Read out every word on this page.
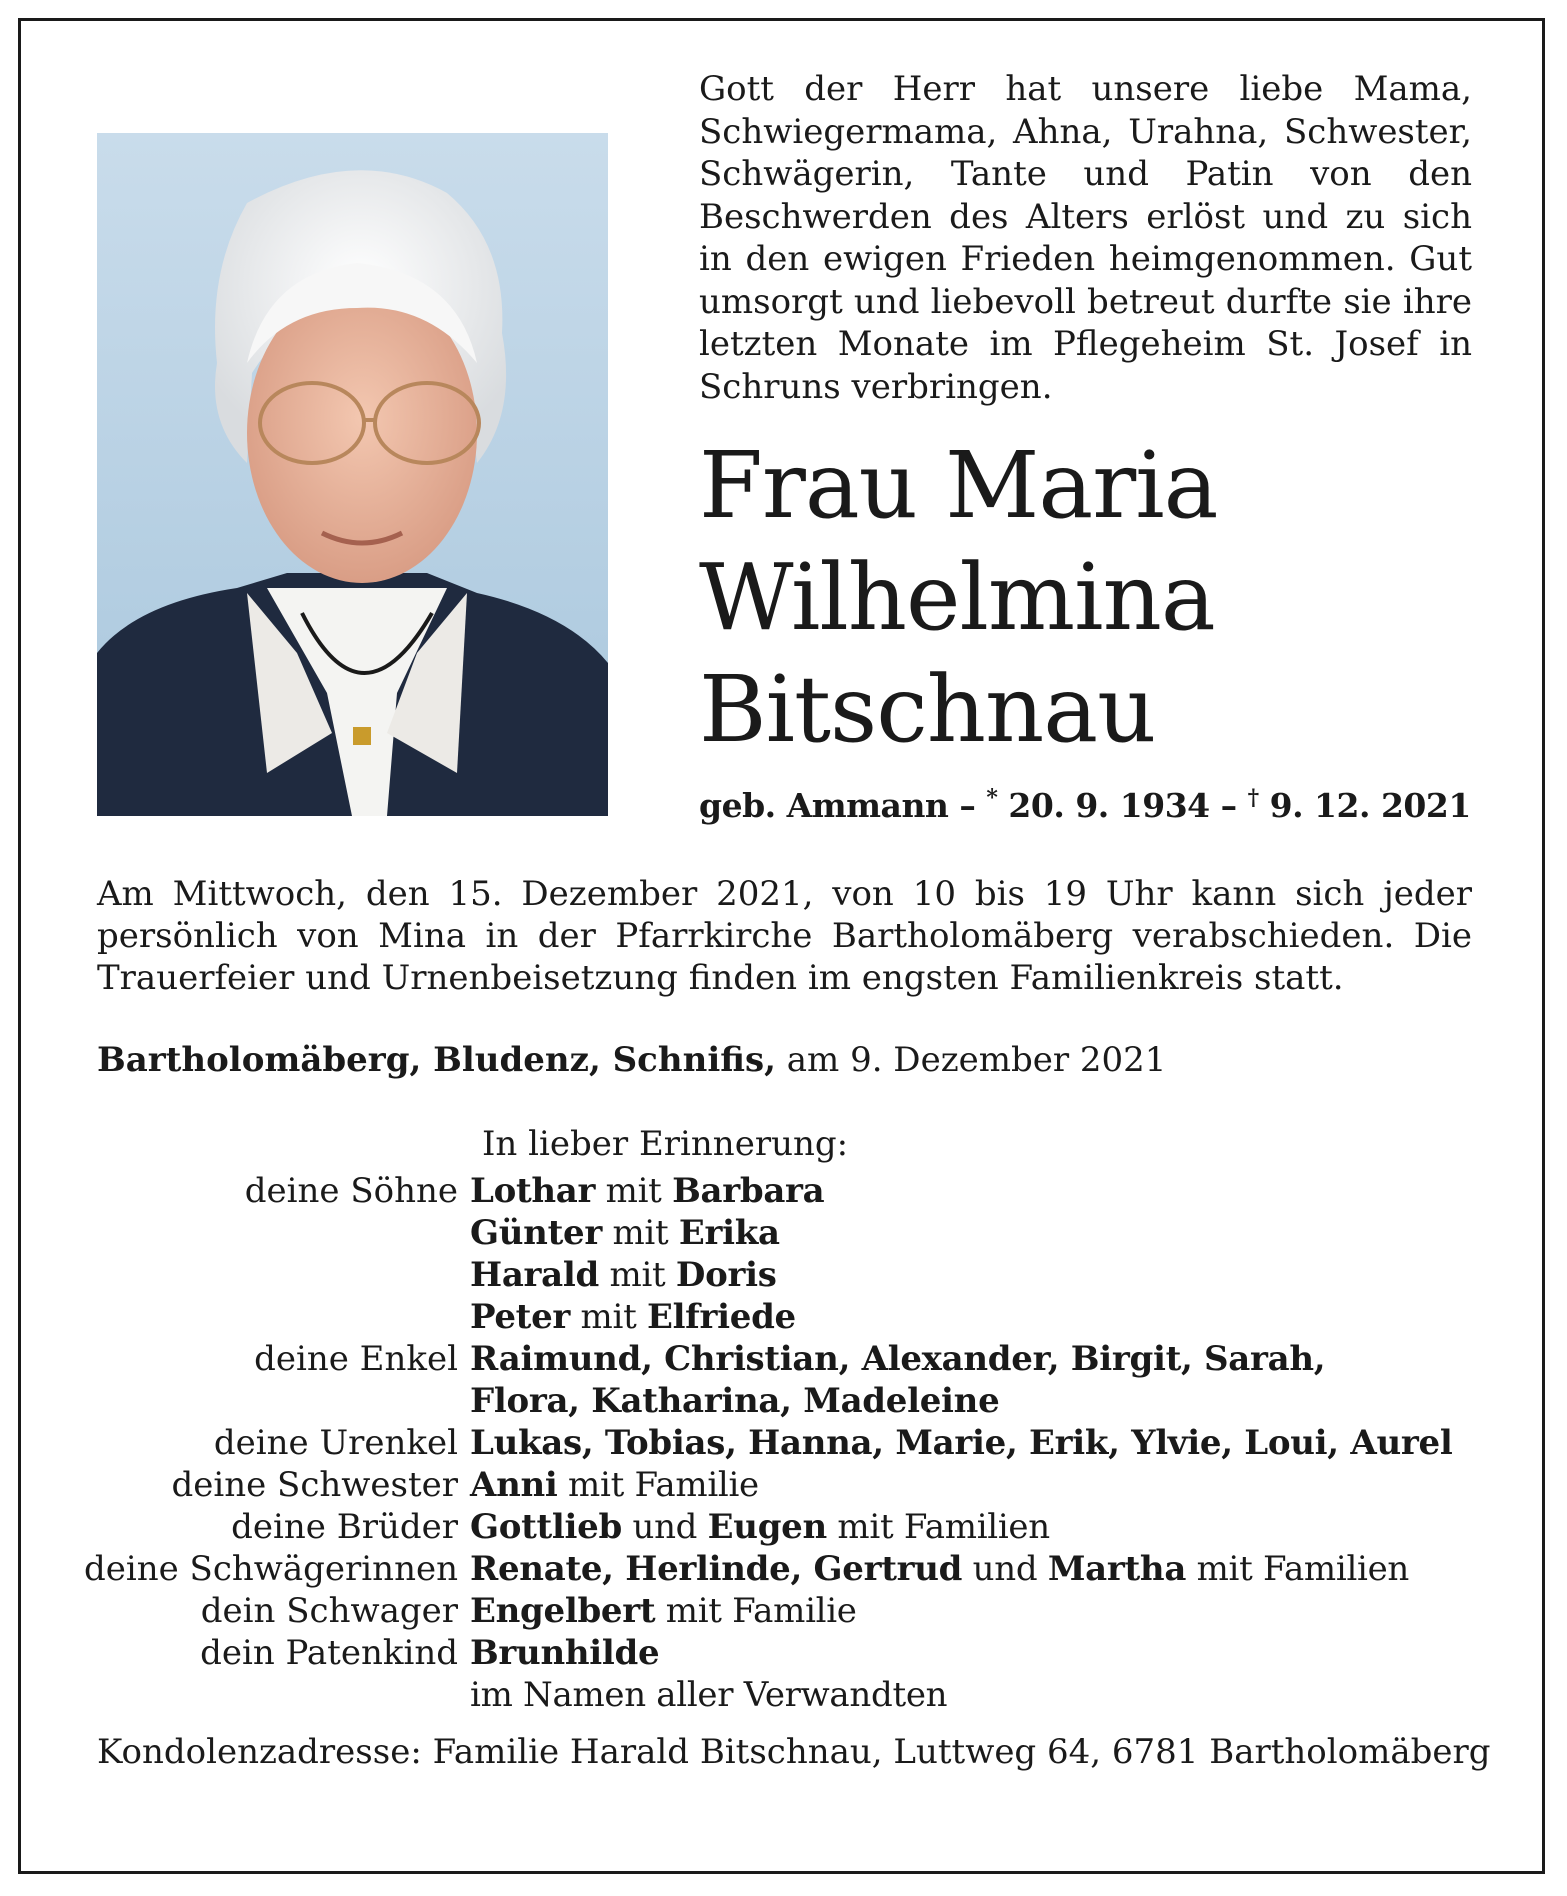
Gott der Herr hat unsere liebe Mama, Schwiegermama, Ahna, Urahna, Schwester, Schwägerin, Tante und Patin von den Beschwerden des Alters erlöst und zu sich in den ewigen Frieden heimgenommen. Gut umsorgt und liebevoll betreut durfte sie ihre letzten Monate im Pflegeheim St. Josef in Schruns verbringen.

Frau Maria
Wilhelmina
Bitschnau
geb. Ammann – * 20. 9. 1934 – † 9. 12. 2021

Am Mittwoch, den 15. Dezember 2021, von 10 bis 19 Uhr kann sich jeder persönlich von Mina in der Pfarrkirche Bartholomäberg verabschieden. Die Trauerfeier und Urnenbeisetzung finden im engsten Familienkreis statt.

Bartholomäberg, Bludenz, Schnifis, am 9. Dezember 2021
In lieber Erinnerung:
deine Söhne Lothar mit Barbara
Günter mit Erika
Harald mit Doris
Peter mit Elfriede
deine Enkel Raimund, Christian, Alexander, Birgit, Sarah,
Flora, Katharina, Madeleine
deine Urenkel Lukas, Tobias, Hanna, Marie, Erik, Ylvie, Loui, Aurel
deine Schwester Anni mit Familie
deine Brüder Gottlieb und Eugen mit Familien
deine Schwägerinnen Renate, Herlinde, Gertrud und Martha mit Familien
dein Schwager Engelbert mit Familie
dein Patenkind Brunhilde
im Namen aller Verwandten
Kondolenzadresse: Familie Harald Bitschnau, Luttweg 64, 6781 Bartholomäberg
